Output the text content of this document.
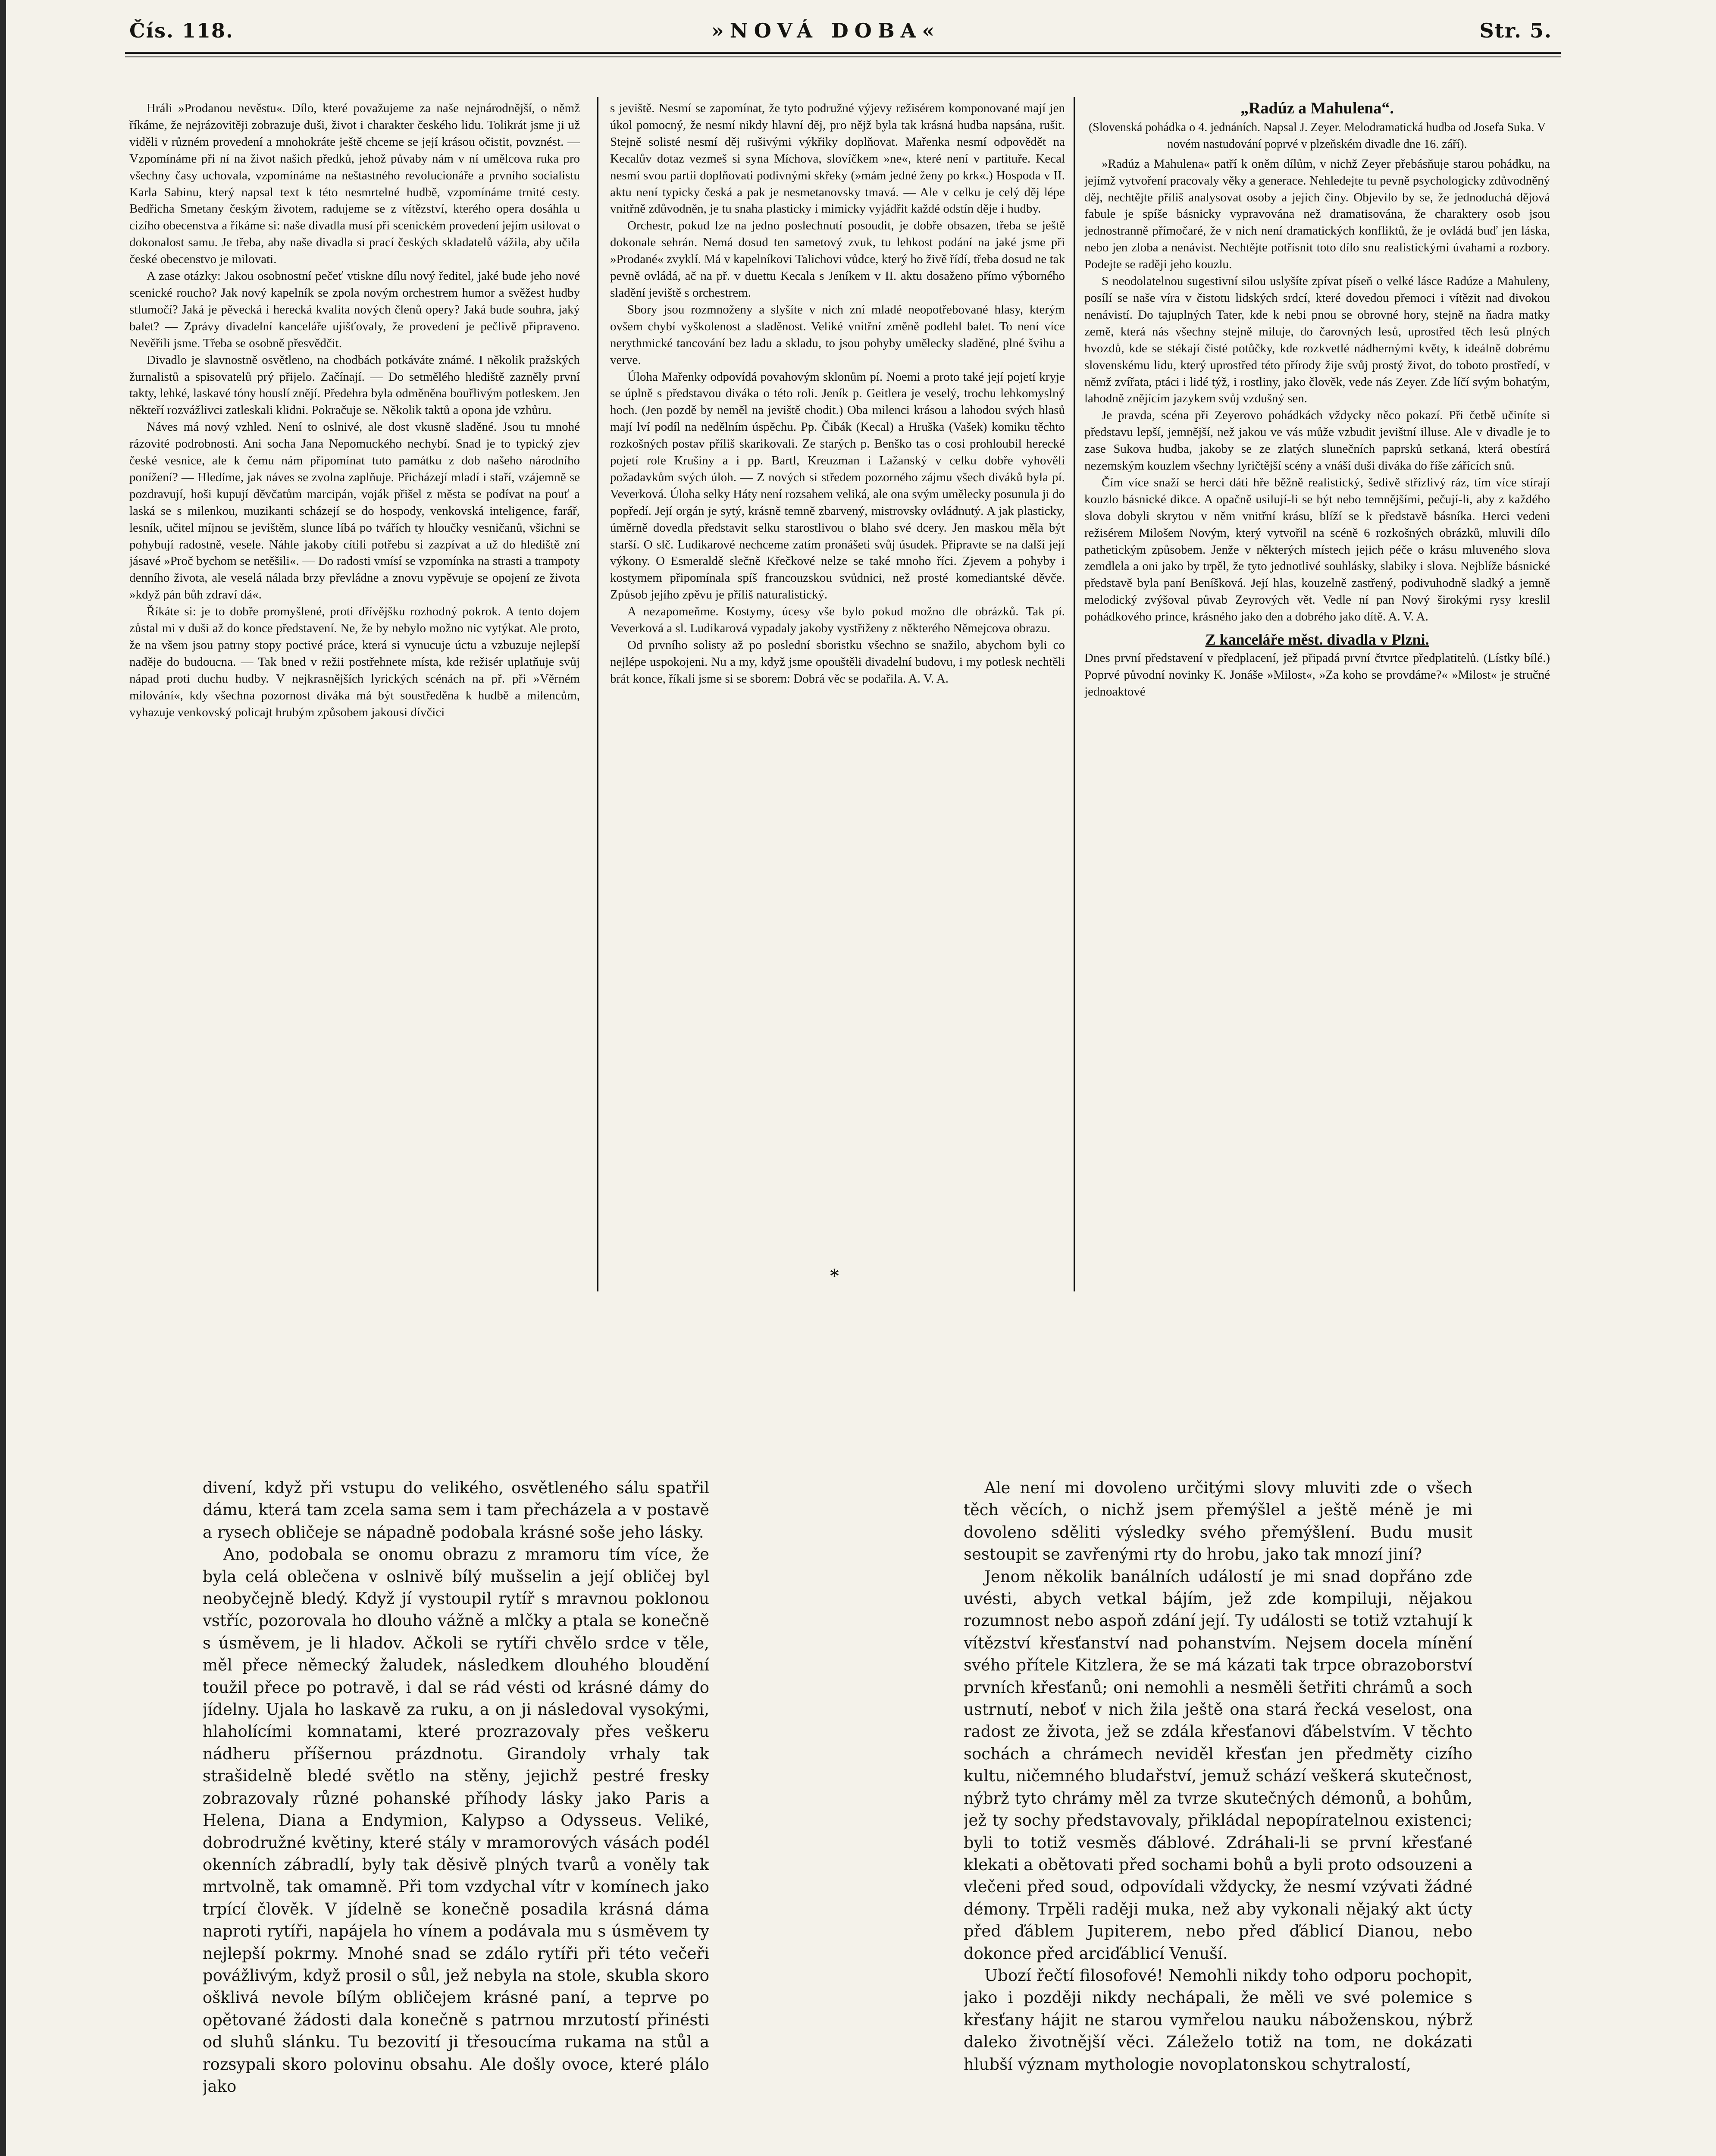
Čís. 118.	»NOVÁ DOBA«	Str. 5.

Hráli »Prodanou nevěstu«. Dílo, které považujeme za naše nejnárodnější, o němž říkáme, že nejrázovitěji zobrazuje duši, život i charakter českého lidu. Tolikrát jsme ji už viděli v různém provedení a mnohokráte ještě chceme se její krásou očistit, povznést. — Vzpomínáme při ní na život našich předků, jehož půvaby nám v ní umělcova ruka pro všechny časy uchovala, vzpomínáme na neštastného revolucionáře a prvního socialistu Karla Sabinu, který napsal text k této nesmrtelné hudbě, vzpomínáme trnité cesty. Bedřicha Smetany českým životem, radujeme se z vítězství, kterého opera dosáhla u cizího obecenstva a říkáme si: naše divadla musí při scenickém provedení jejím usilovat o dokonalost samu. Je třeba, aby naše divadla si prací českých skladatelů vážila, aby učila české obecenstvo je milovati.

A zase otázky: Jakou osobnostní pečeť vtiskne dílu nový ředitel, jaké bude jeho nové scenické roucho? Jak nový kapelník se zpola novým orchestrem humor a svěžest hudby stlumočí? Jaká je pěvecká i herecká kvalita nových členů opery? Jaká bude souhra, jaký balet? — Zprávy divadelní kanceláře ujišťovaly, že provedení je pečlivě připraveno. Nevěřili jsme. Třeba se osobně přesvědčit.

Divadlo je slavnostně osvětleno, na chodbách potkáváte známé. I několik pražských žurnalistů a spisovatelů prý přijelo. Začínají. — Do setmělého hlediště zazněly první takty, lehké, laskavé tóny houslí znějí. Předehra byla odměněna bouřlivým potleskem. Jen někteří rozvážlivci zatleskali klidni. Pokračuje se. Několik taktů a opona jde vzhůru.

Náves má nový vzhled. Není to oslnivé, ale dost vkusně sladěné. Jsou tu mnohé rázovité podrobnosti. Ani socha Jana Nepomuckého nechybí. Snad je to typický zjev české vesnice, ale k čemu nám připomínat tuto památku z dob našeho národního ponížení? — Hledíme, jak náves se zvolna zaplňuje. Přicházejí mladí i staří, vzájemně se pozdravují, hoši kupují děvčatům marcipán, voják přišel z města se podívat na pouť a laská se s milenkou, muzikanti scházejí se do hospody, venkovská inteligence, farář, lesník, učitel míjnou se jevištěm, slunce líbá po tvářích ty hloučky vesničanů, všichni se pohybují radostně, vesele. Náhle jakoby cítili potřebu si zazpívat a už do hlediště zní jásavé »Proč bychom se netěšili«. — Do radosti vmísí se vzpomínka na strasti a trampoty denního života, ale veselá nálada brzy převládne a znovu vypěvuje se opojení ze života »když pán bůh zdraví dá«.

Říkáte si: je to dobře promyšlené, proti dřívějšku rozhodný pokrok. A tento dojem zůstal mi v duši až do konce představení. Ne, že by nebylo možno nic vytýkat. Ale proto, že na všem jsou patrny stopy poctivé práce, která si vynucuje úctu a vzbuzuje nejlepší naděje do budoucna. — Tak bned v režii postřehnete místa, kde režisér uplatňuje svůj nápad proti duchu hudby. V nejkrasnějších lyrických scénách na př. při »Věrném milování«, kdy všechna pozornost diváka má být soustředěna k hudbě a milencům, vyhazuje venkovský policajt hrubým způsobem jakousi dívčici

s jeviště. Nesmí se zapomínat, že tyto podružné výjevy režisérem komponované mají jen úkol pomocný, že nesmí nikdy hlavní děj, pro nějž byla tak krásná hudba napsána, rušit. Stejně solisté nesmí děj rušivými výkřiky doplňovat. Mařenka nesmí odpovědět na Kecalův dotaz vezmeš si syna Míchova, slovíčkem »ne«, které není v partituře. Kecal nesmí svou partii doplňovati podivnými skřeky (»mám jedné ženy po krk«.) Hospoda v II. aktu není typicky česká a pak je nesmetanovsky tmavá. — Ale v celku je celý děj lépe vnitřně zdůvodněn, je tu snaha plasticky i mimicky vyjádřit každé odstín děje i hudby.

Orchestr, pokud lze na jedno poslechnutí posoudit, je dobře obsazen, třeba se ještě dokonale sehrán. Nemá dosud ten sametový zvuk, tu lehkost podání na jaké jsme při »Prodané« zvyklí. Má v kapelníkovi Talichovi vůdce, který ho živě řídí, třeba dosud ne tak pevně ovládá, ač na př. v duettu Kecala s Jeníkem v II. aktu dosaženo přímo výborného sladění jeviště s orchestrem.

Sbory jsou rozmnoženy a slyšíte v nich zní mladé neopotřebované hlasy, kterým ovšem chybí vyškolenost a sladěnost. Veliké vnitřní změně podlehl balet. To není více nerythmické tancování bez ladu a skladu, to jsou pohyby umělecky sladěné, plné švihu a verve.

Úloha Mařenky odpovídá povahovým sklonům pí. Noemi a proto také její pojetí kryje se úplně s představou diváka o této roli. Jeník p. Geitlera je veselý, trochu lehkomyslný hoch. (Jen pozdě by neměl na jeviště chodit.) Oba milenci krásou a lahodou svých hlasů mají lví podíl na nedělním úspěchu. Pp. Čibák (Kecal) a Hruška (Vašek) komiku těchto rozkošných postav příliš skarikovali. Ze starých p. Benško tas o cosi prohloubil herecké pojetí role Krušiny a i pp. Bartl, Kreuzman i Lažanský v celku dobře vyhověli požadavkům svých úloh. — Z nových si středem pozorného zájmu všech diváků byla pí. Veverková. Úloha selky Háty není rozsahem veliká, ale ona svým umělecky posunula ji do popředí. Její orgán je sytý, krásně temně zbarvený, mistrovsky ovládnutý. A jak plasticky, úměrně dovedla představit selku starostlivou o blaho své dcery. Jen maskou měla být starší. O slč. Ludikarové nechceme zatím pronášeti svůj úsudek. Připravte se na další její výkony. O Esmeraldě slečně Křečkové nelze se také mnoho říci. Zjevem a pohyby i kostymem připomínala spíš francouzskou svůdnici, než prosté komediantské děvče. Způsob jejího zpěvu je příliš naturalistický.

A nezapomeňme. Kostymy, úcesy vše bylo pokud možno dle obrázků. Tak pí. Veverková a sl. Ludikarová vypadaly jakoby vystřiženy z některého Němejcova obrazu.

Od prvního solisty až po poslední sboristku všechno se snažilo, abychom byli co nejlépe uspokojeni. Nu a my, když jsme opouštěli divadelní budovu, i my potlesk nechtěli brát konce, říkali jsme si se sborem: Dobrá věc se podařila. A. V. A.

*
„Radúz a Mahulena“.
(Slovenská pohádka o 4. jednáních. Napsal J. Zeyer. Melodramatická hudba od Josefa Suka. V novém nastudování poprvé v plzeňském divadle dne 16. září).

»Radúz a Mahulena« patří k oněm dílům, v nichž Zeyer přebásňuje starou pohádku, na jejímž vytvoření pracovaly věky a generace. Nehledejte tu pevně psychologicky zdůvodněný děj, nechtějte příliš analysovat osoby a jejich činy. Objevilo by se, že jednoduchá dějová fabule je spíše básnicky vypravována než dramatisována, že charaktery osob jsou jednostranně přímočaré, že v nich není dramatických konfliktů, že je ovládá buď jen láska, nebo jen zloba a nenávist. Nechtějte potřísnit toto dílo snu realistickými úvahami a rozbory. Podejte se raději jeho kouzlu.

S neodolatelnou sugestivní silou uslyšíte zpívat píseň o velké lásce Radúze a Mahuleny, posílí se naše víra v čistotu lidských srdcí, které dovedou přemoci i vítězit nad divokou nenávistí. Do tajuplných Tater, kde k nebi pnou se obrovné hory, stejně na ňadra matky země, která nás všechny stejně miluje, do čarovných lesů, uprostřed těch lesů plných hvozdů, kde se stékají čisté potůčky, kde rozkvetlé nádhernými květy, k ideálně dobrému slovenskému lidu, který uprostřed této přírody žije svůj prostý život, do toboto prostředí, v němž zvířata, ptáci i lidé týž, i rostliny, jako člověk, vede nás Zeyer. Zde líčí svým bohatým, lahodně znějícím jazykem svůj vzdušný sen.

Je pravda, scéna při Zeyerovo pohádkách vždycky něco pokazí. Při četbě učiníte si představu lepší, jemnější, než jakou ve vás může vzbudit jevištní illuse. Ale v divadle je to zase Sukova hudba, jakoby se ze zlatých slunečních paprsků setkaná, která obestírá nezemským kouzlem všechny lyričtější scény a vnáší duši diváka do říše zářících snů.

Čím více snaží se herci dáti hře běžně realistický, šedivě střízlivý ráz, tím více stírají kouzlo básnické dikce. A opačně usilují-li se být nebo temnějšími, pečují-li, aby z každého slova dobyli skrytou v něm vnitřní krásu, blíží se k představě básníka. Herci vedeni režisérem Milošem Novým, který vytvořil na scéně 6 rozkošných obrázků, mluvili dílo pathetickým způsobem. Jenže v některých místech jejich péče o krásu mluveného slova zemdlela a oni jako by trpěl, že tyto jednotlivé souhlásky, slabiky i slova. Nejblíže básnické představě byla paní Beníšková. Její hlas, kouzelně zastřený, podivuhodně sladký a jemně melodický zvýšoval půvab Zeyrových vět. Vedle ní pan Nový širokými rysy kreslil pohádkového prince, krásného jako den a dobrého jako dítě. A. V. A.

Z kanceláře měst. divadla v Plzni.

Dnes první představení v předplacení, jež připadá první čtvrtce předplatitelů. (Lístky bílé.) Poprvé původní novinky K. Jonáše »Milost«, »Za koho se provdáme?« »Milost« je stručné jednoaktové

divení, když při vstupu do velikého, osvětleného sálu spatřil dámu, která tam zcela sama sem i tam přecházela a v postavě a rysech obličeje se nápadně podobala krásné soše jeho lásky.

Ano, podobala se onomu obrazu z mramoru tím více, že byla celá oblečena v oslnivě bílý mušselin a její obličej byl neobyčejně bledý. Když jí vystoupil rytíř s mravnou poklonou vstříc, pozorovala ho dlouho vážně a mlčky a ptala se konečně s úsměvem, je li hladov. Ačkoli se rytíři chvělo srdce v těle, měl přece německý žaludek, následkem dlouhého bloudění toužil přece po potravě, i dal se rád vésti od krásné dámy do jídelny. Ujala ho laskavě za ruku, a on ji následoval vysokými, hlaholícími komnatami, které prozrazovaly přes veškeru nádheru příšernou prázdnotu. Girandoly vrhaly tak strašidelně bledé světlo na stěny, jejichž pestré fresky zobrazovaly různé pohanské příhody lásky jako Paris a Helena, Diana a Endymion, Kalypso a Odysseus. Veliké, dobrodružné květiny, které stály v mramorových vásách podél okenních zábradlí, byly tak děsivě plných tvarů a voněly tak mrtvolně, tak omamně. Při tom vzdychal vítr v komínech jako trpící člověk. V jídelně se konečně posadila krásná dáma naproti rytíři, napájela ho vínem a podávala mu s úsměvem ty nejlepší pokrmy. Mnohé snad se zdálo rytíři při této večeři povážlivým, když prosil o sůl, jež nebyla na stole, skubla skoro ošklivá nevole bílým obličejem krásné paní, a teprve po opětované žádosti dala konečně s patrnou mrzutostí přinésti od sluhů slánku. Tu bezovití ji třesoucíma rukama na stůl a rozsypali skoro polovinu obsahu. Ale došly ovoce, které plálo jako

Ale není mi dovoleno určitými slovy mluviti zde o všech těch věcích, o nichž jsem přemýšlel a ještě méně je mi dovoleno sděliti výsledky svého přemýšlení. Budu musit sestoupit se zavřenými rty do hrobu, jako tak mnozí jiní?

Jenom několik banálních událostí je mi snad dopřáno zde uvésti, abych vetkal bájím, jež zde kompiluji, nějakou rozumnost nebo aspoň zdání její. Ty události se totiž vztahují k vítězství křesťanství nad pohanstvím. Nejsem docela mínění svého přítele Kitzlera, že se má kázati tak trpce obrazoborství prvních křesťanů; oni nemohli a nesměli šetřiti chrámů a soch ustrnutí, neboť v nich žila ještě ona stará řecká veselost, ona radost ze života, jež se zdála křesťanovi ďábelstvím. V těchto sochách a chrámech neviděl křesťan jen předměty cizího kultu, ničemného bludařství, jemuž schází veškerá skutečnost, nýbrž tyto chrámy měl za tvrze skutečných démonů, a bohům, jež ty sochy představovaly, přikládal nepopíratelnou existenci; byli to totiž vesměs ďáblové. Zdráhali-li se první křesťané klekati a obětovati před sochami bohů a byli proto odsouzeni a vlečeni před soud, odpovídali vždycky, že nesmí vzývati žádné démony. Trpěli raději muka, než aby vykonali nějaký akt úcty před ďáblem Jupiterem, nebo před ďáblicí Dianou, nebo dokonce před arciďáblicí Venuší.

Ubozí řečtí filosofové! Nemohli nikdy toho odporu pochopit, jako i později nikdy nechápali, že měli ve své polemice s křesťany hájit ne starou vymřelou nauku náboženskou, nýbrž daleko životnější věci. Záleželo totiž na tom, ne dokázati hlubší význam mythologie novoplatonskou schytralostí,
